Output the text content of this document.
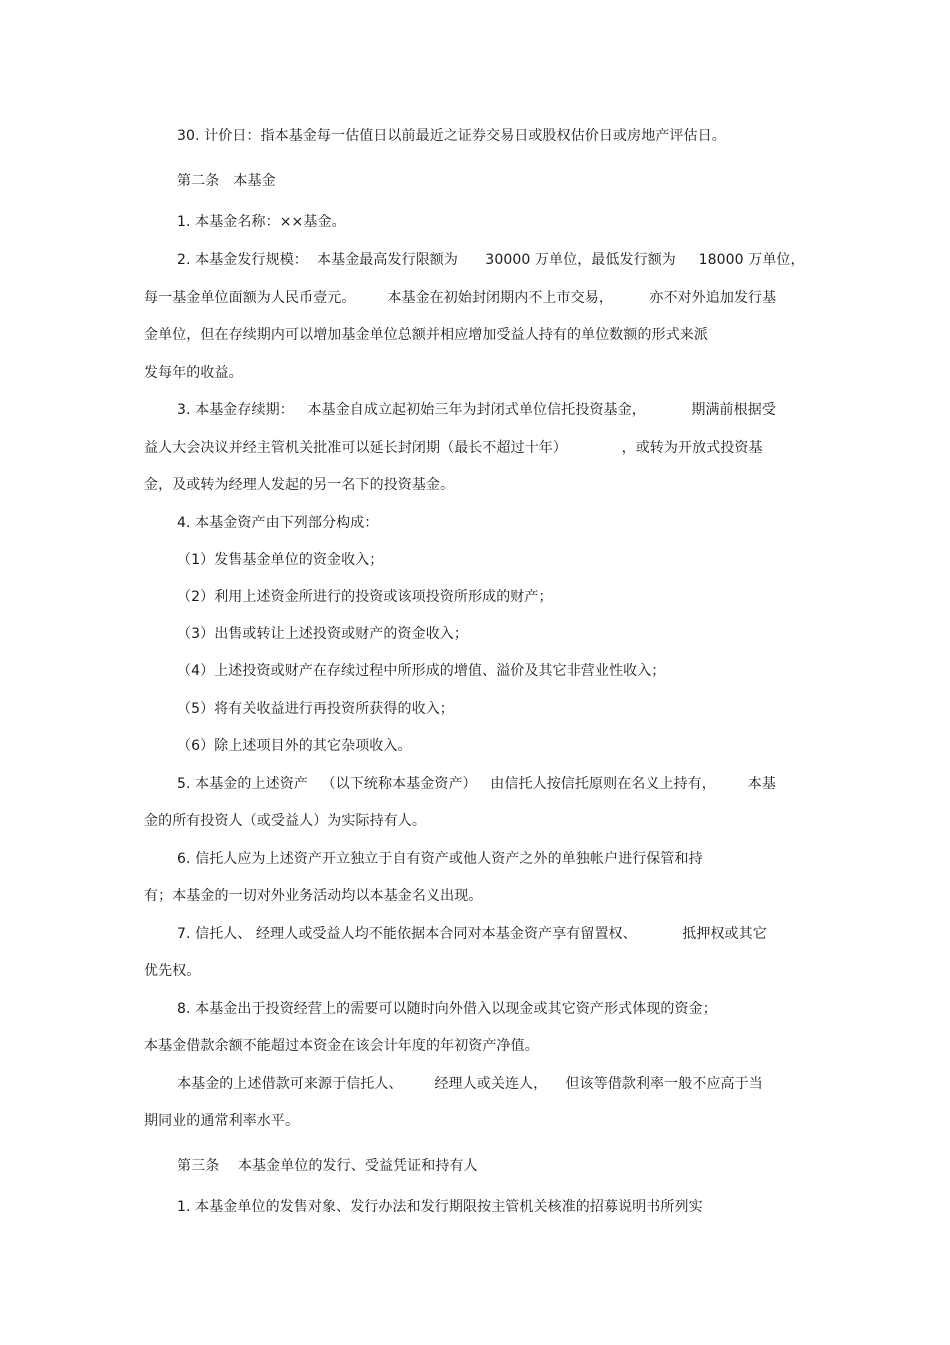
30. 计价日：指本基金每一估值日以前最近之证券交易日或股权估价日或房地产评估日。

第二条　本基金

1. 本基金名称：××基金。

2. 本基金发行规模：  本基金最高发行限额为      30000 万单位，最低发行额为     18000 万单位，

每一基金单位面额为人民币壹元。       本基金在初始封闭期内不上市交易，        亦不对外追加发行基

金单位，但在存续期内可以增加基金单位总额并相应增加受益人持有的单位数额的形式来派

发每年的收益。

3. 本基金存续期：   本基金自成立起初始三年为封闭式单位信托投资基金，          期满前根据受

益人大会决议并经主管机关批准可以延长封闭期（最长不超过十年）            ，或转为开放式投资基

金，及或转为经理人发起的另一名下的投资基金。

4. 本基金资产由下列部分构成：

（1）发售基金单位的资金收入；

（2）利用上述资金所进行的投资或该项投资所形成的财产；

（3）出售或转让上述投资或财产的资金收入；

（4）上述投资或财产在存续过程中所形成的增值、溢价及其它非营业性收入；

（5）将有关收益进行再投资所获得的收入；

（6）除上述项目外的其它杂项收入。

5. 本基金的上述资产   （以下统称本基金资产）   由信托人按信托原则在名义上持有，       本基

金的所有投资人（或受益人）为实际持有人。

6. 信托人应为上述资产开立独立于自有资产或他人资产之外的单独帐户进行保管和持

有；本基金的一切对外业务活动均以本基金名义出现。

7. 信托人、 经理人或受益人均不能依据本合同对本基金资产享有留置权、          抵押权或其它

优先权。

8. 本基金出于投资经营上的需要可以随时向外借入以现金或其它资产形式体现的资金；

本基金借款余额不能超过本资金在该会计年度的年初资产净值。

本基金的上述借款可来源于信托人、       经理人或关连人，    但该等借款利率一般不应高于当

期同业的通常利率水平。

第三条　 本基金单位的发行、受益凭证和持有人

1. 本基金单位的发售对象、发行办法和发行期限按主管机关核准的招募说明书所列实
